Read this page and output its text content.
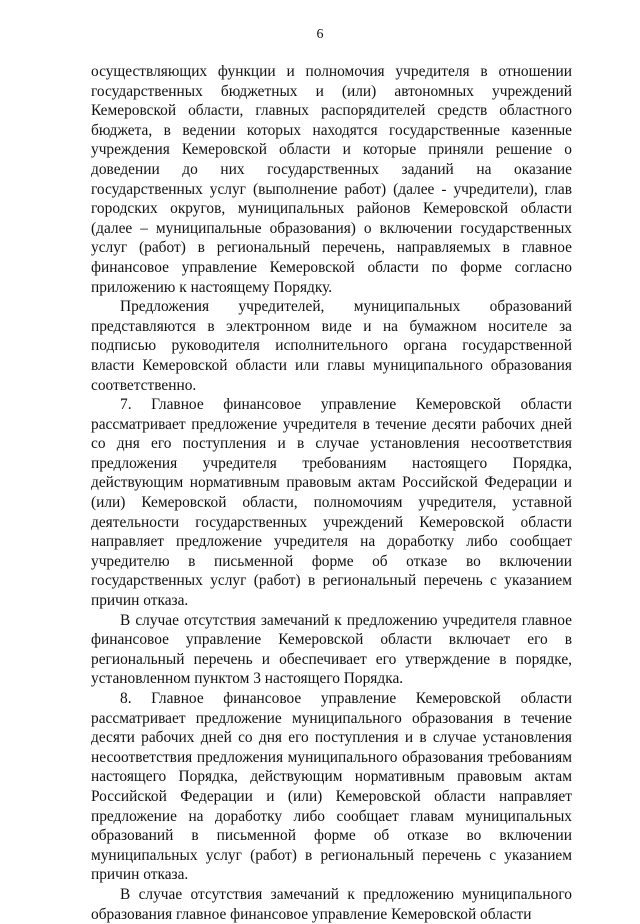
6

осуществляющих функции и полномочия учредителя в отношении государственных бюджетных и (или) автономных учреждений Кемеровской области, главных распорядителей средств областного бюджета, в ведении которых находятся государственные казенные учреждения Кемеровской области и которые приняли решение о доведении до них государственных заданий на оказание государственных услуг (выполнение работ) (далее - учредители), глав городских округов, муниципальных районов Кемеровской области (далее – муниципальные образования) о включении государственных услуг (работ) в региональный перечень, направляемых в главное финансовое управление Кемеровской области по форме согласно приложению к настоящему Порядку.

Предложения учредителей, муниципальных образований представляются в электронном виде и на бумажном носителе за подписью руководителя исполнительного органа государственной власти Кемеровской области или главы муниципального образования соответственно.

7. Главное финансовое управление Кемеровской области рассматривает предложение учредителя в течение десяти рабочих дней со дня его поступления и в случае установления несоответствия предложения учредителя требованиям настоящего Порядка, действующим нормативным правовым актам Российской Федерации и (или) Кемеровской области, полномочиям учредителя, уставной деятельности государственных учреждений Кемеровской области направляет предложение учредителя на доработку либо сообщает учредителю в письменной форме об отказе во включении государственных услуг (работ) в региональный перечень с указанием причин отказа.

В случае отсутствия замечаний к предложению учредителя главное финансовое управление Кемеровской области включает его в региональный перечень и обеспечивает его утверждение в порядке, установленном пунктом 3 настоящего Порядка.

8. Главное финансовое управление Кемеровской области рассматривает предложение муниципального образования в течение десяти рабочих дней со дня его поступления и в случае установления несоответствия предложения муниципального образования требованиям настоящего Порядка, действующим нормативным правовым актам Российской Федерации и (или) Кемеровской области направляет предложение на доработку либо сообщает главам муниципальных образований в письменной форме об отказе во включении муниципальных услуг (работ) в региональный перечень с указанием причин отказа.

В случае отсутствия замечаний к предложению муниципального образования главное финансовое управление Кемеровской области
